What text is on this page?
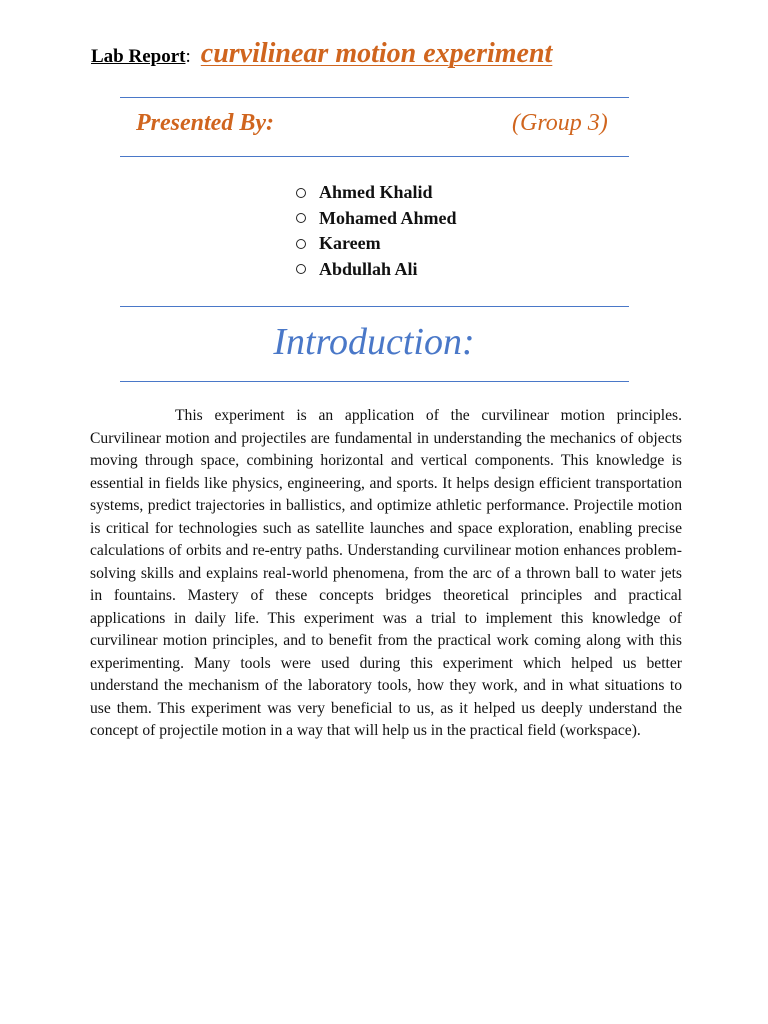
Lab Report: curvilinear motion experiment
Presented By:	(Group 3)
Ahmed Khalid
Mohamed Ahmed
Kareem
Abdullah Ali
Introduction:

This experiment is an application of the curvilinear motion principles. Curvilinear motion and projectiles are fundamental in understanding the mechanics of objects moving through space, combining horizontal and vertical components. This knowledge is essential in fields like physics, engineering, and sports. It helps design efficient transportation systems, predict trajectories in ballistics, and optimize athletic performance. Projectile motion is critical for technologies such as satellite launches and space exploration, enabling precise calculations of orbits and re-entry paths. Understanding curvilinear motion enhances problem-solving skills and explains real-world phenomena, from the arc of a thrown ball to water jets in fountains. Mastery of these concepts bridges theoretical principles and practical applications in daily life. This experiment was a trial to implement this knowledge of curvilinear motion principles, and to benefit from the practical work coming along with this experimenting. Many tools were used during this experiment which helped us better understand the mechanism of the laboratory tools, how they work, and in what situations to use them. This experiment was very beneficial to us, as it helped us deeply understand the concept of projectile motion in a way that will help us in the practical field (workspace).
